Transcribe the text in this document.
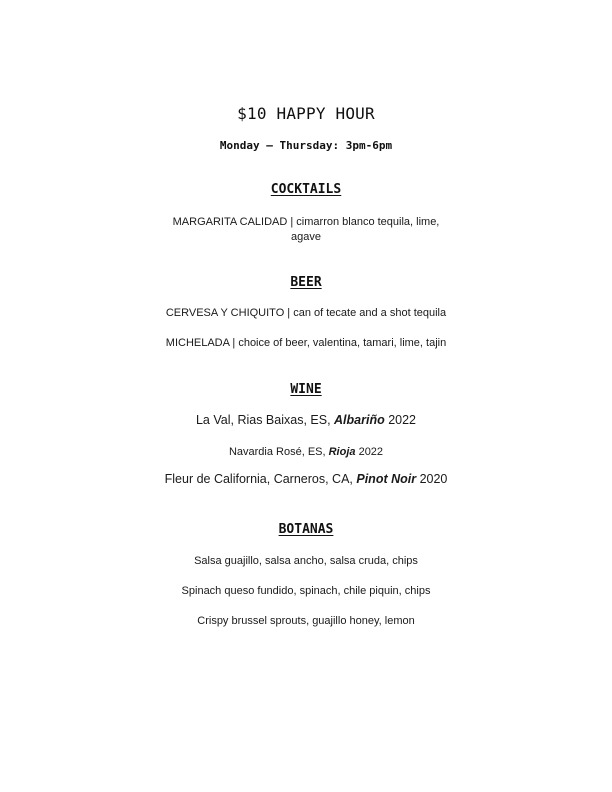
$10 HAPPY HOUR
Monday – Thursday: 3pm-6pm
COCKTAILS
MARGARITA CALIDAD | cimarron blanco tequila, lime, agave
BEER
CERVESA Y CHIQUITO | can of tecate and a shot tequila
MICHELADA | choice of beer, valentina, tamari, lime, tajin
WINE
La Val, Rias Baixas, ES, Albariño 2022
Navardia Rosé, ES, Rioja 2022
Fleur de California, Carneros, CA, Pinot Noir 2020
BOTANAS
Salsa guajillo, salsa ancho, salsa cruda, chips
Spinach queso fundido, spinach, chile piquin, chips
Crispy brussel sprouts, guajillo honey, lemon
